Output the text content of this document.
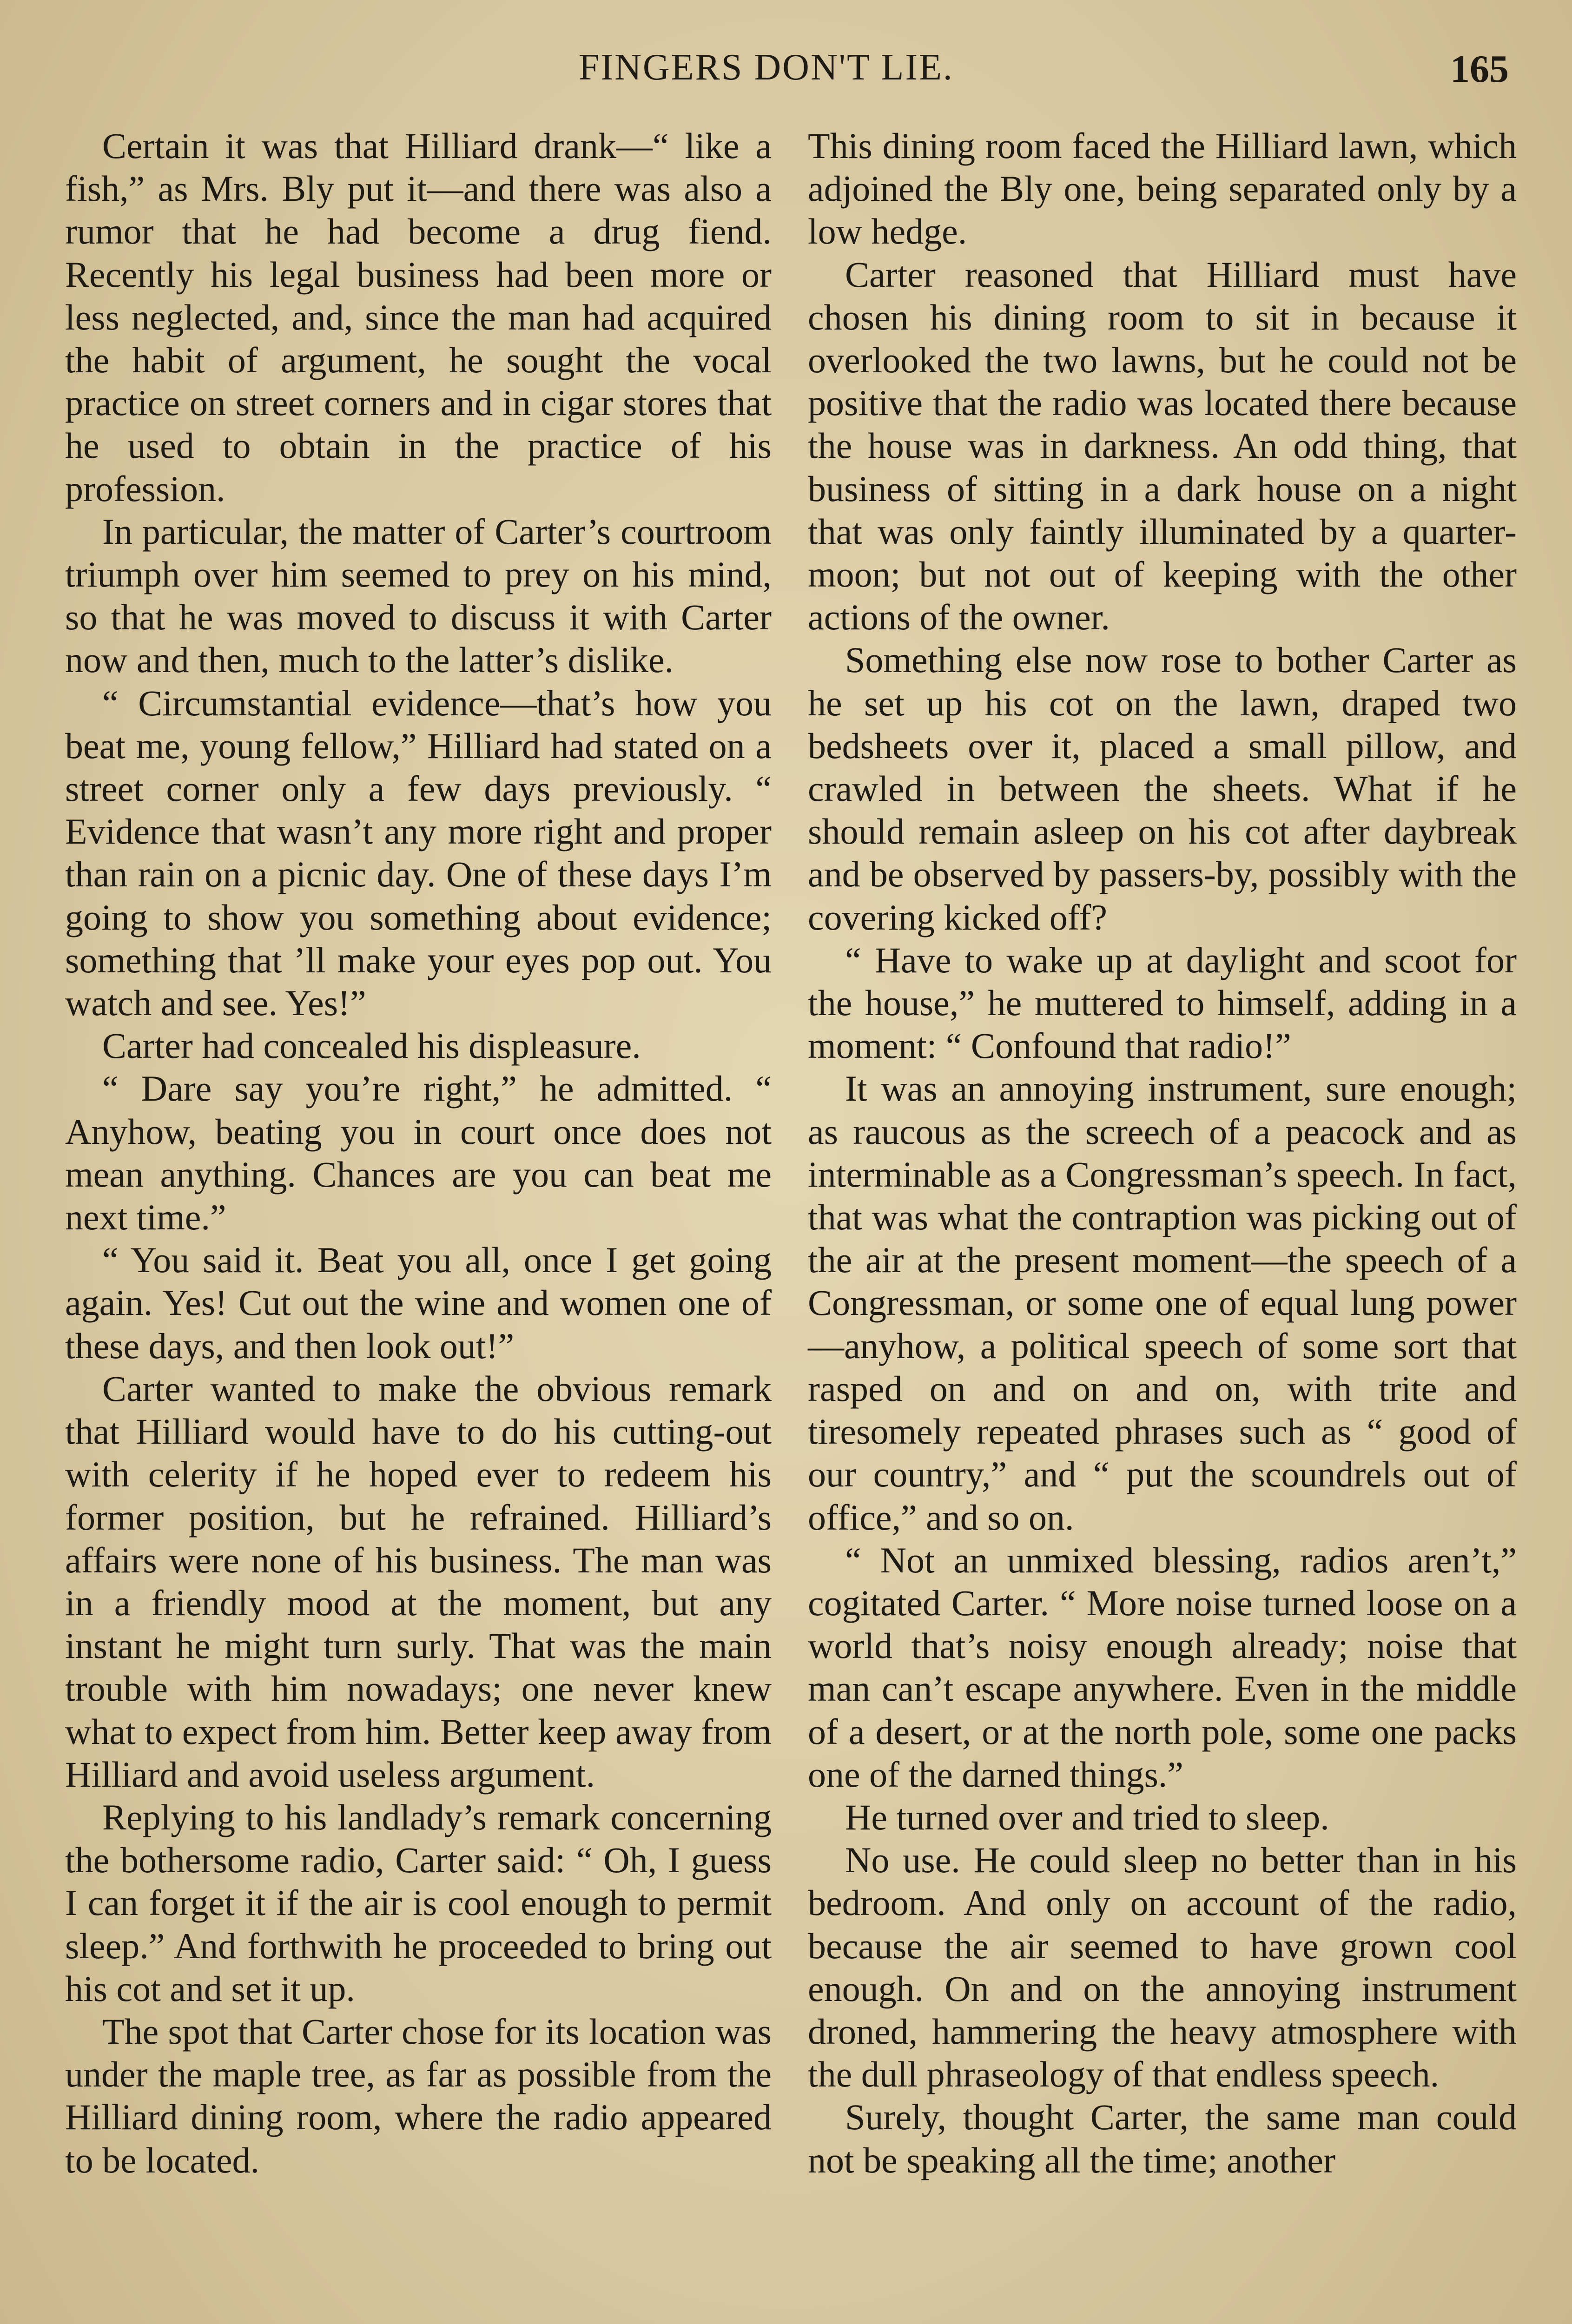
FINGERS DON'T LIE.	165

Certain it was that Hilliard drank—“ like a fish,” as Mrs. Bly put it—and there was also a rumor that he had become a drug fiend. Recently his legal business had been more or less neglected, and, since the man had acquired the habit of argument, he sought the vocal practice on street corners and in cigar stores that he used to obtain in the practice of his profession.

In particular, the matter of Carter’s courtroom triumph over him seemed to prey on his mind, so that he was moved to discuss it with Carter now and then, much to the latter’s dislike.

“ Circumstantial evidence—that’s how you beat me, young fellow,” Hilliard had stated on a street corner only a few days previously. “ Evidence that wasn’t any more right and proper than rain on a picnic day. One of these days I’m going to show you something about evidence; something that ’ll make your eyes pop out. You watch and see. Yes!”

Carter had concealed his displeasure.

“ Dare say you’re right,” he admitted. “ Anyhow, beating you in court once does not mean anything. Chances are you can beat me next time.”

“ You said it. Beat you all, once I get going again. Yes! Cut out the wine and women one of these days, and then look out!”

Carter wanted to make the obvious remark that Hilliard would have to do his cutting-out with celerity if he hoped ever to redeem his former position, but he refrained. Hilliard’s affairs were none of his business. The man was in a friendly mood at the moment, but any instant he might turn surly. That was the main trouble with him nowadays; one never knew what to expect from him. Better keep away from Hilliard and avoid useless argument.

Replying to his landlady’s remark concerning the bothersome radio, Carter said: “ Oh, I guess I can forget it if the air is cool enough to permit sleep.” And forthwith he proceeded to bring out his cot and set it up.

The spot that Carter chose for its location was under the maple tree, as far as possible from the Hilliard dining room, where the radio appeared to be located.

This dining room faced the Hilliard lawn, which adjoined the Bly one, being separated only by a low hedge.

Carter reasoned that Hilliard must have chosen his dining room to sit in because it overlooked the two lawns, but he could not be positive that the radio was located there because the house was in darkness. An odd thing, that business of sitting in a dark house on a night that was only faintly illuminated by a quarter-moon; but not out of keeping with the other actions of the owner.

Something else now rose to bother Carter as he set up his cot on the lawn, draped two bedsheets over it, placed a small pillow, and crawled in between the sheets. What if he should remain asleep on his cot after daybreak and be observed by passers-by, possibly with the covering kicked off?

“ Have to wake up at daylight and scoot for the house,” he muttered to himself, adding in a moment: “ Confound that radio!”

It was an annoying instrument, sure enough; as raucous as the screech of a peacock and as interminable as a Congressman’s speech. In fact, that was what the contraption was picking out of the air at the present moment—the speech of a Congressman, or some one of equal lung power —anyhow, a political speech of some sort that rasped on and on and on, with trite and tiresomely repeated phrases such as “ good of our country,” and “ put the scoundrels out of office,” and so on.

“ Not an unmixed blessing, radios aren’t,” cogitated Carter. “ More noise turned loose on a world that’s noisy enough already; noise that man can’t escape anywhere. Even in the middle of a desert, or at the north pole, some one packs one of the darned things.”

He turned over and tried to sleep.

No use. He could sleep no better than in his bedroom. And only on account of the radio, because the air seemed to have grown cool enough. On and on the annoying instrument droned, hammering the heavy atmosphere with the dull phraseology of that endless speech.

Surely, thought Carter, the same man could not be speaking all the time; another
